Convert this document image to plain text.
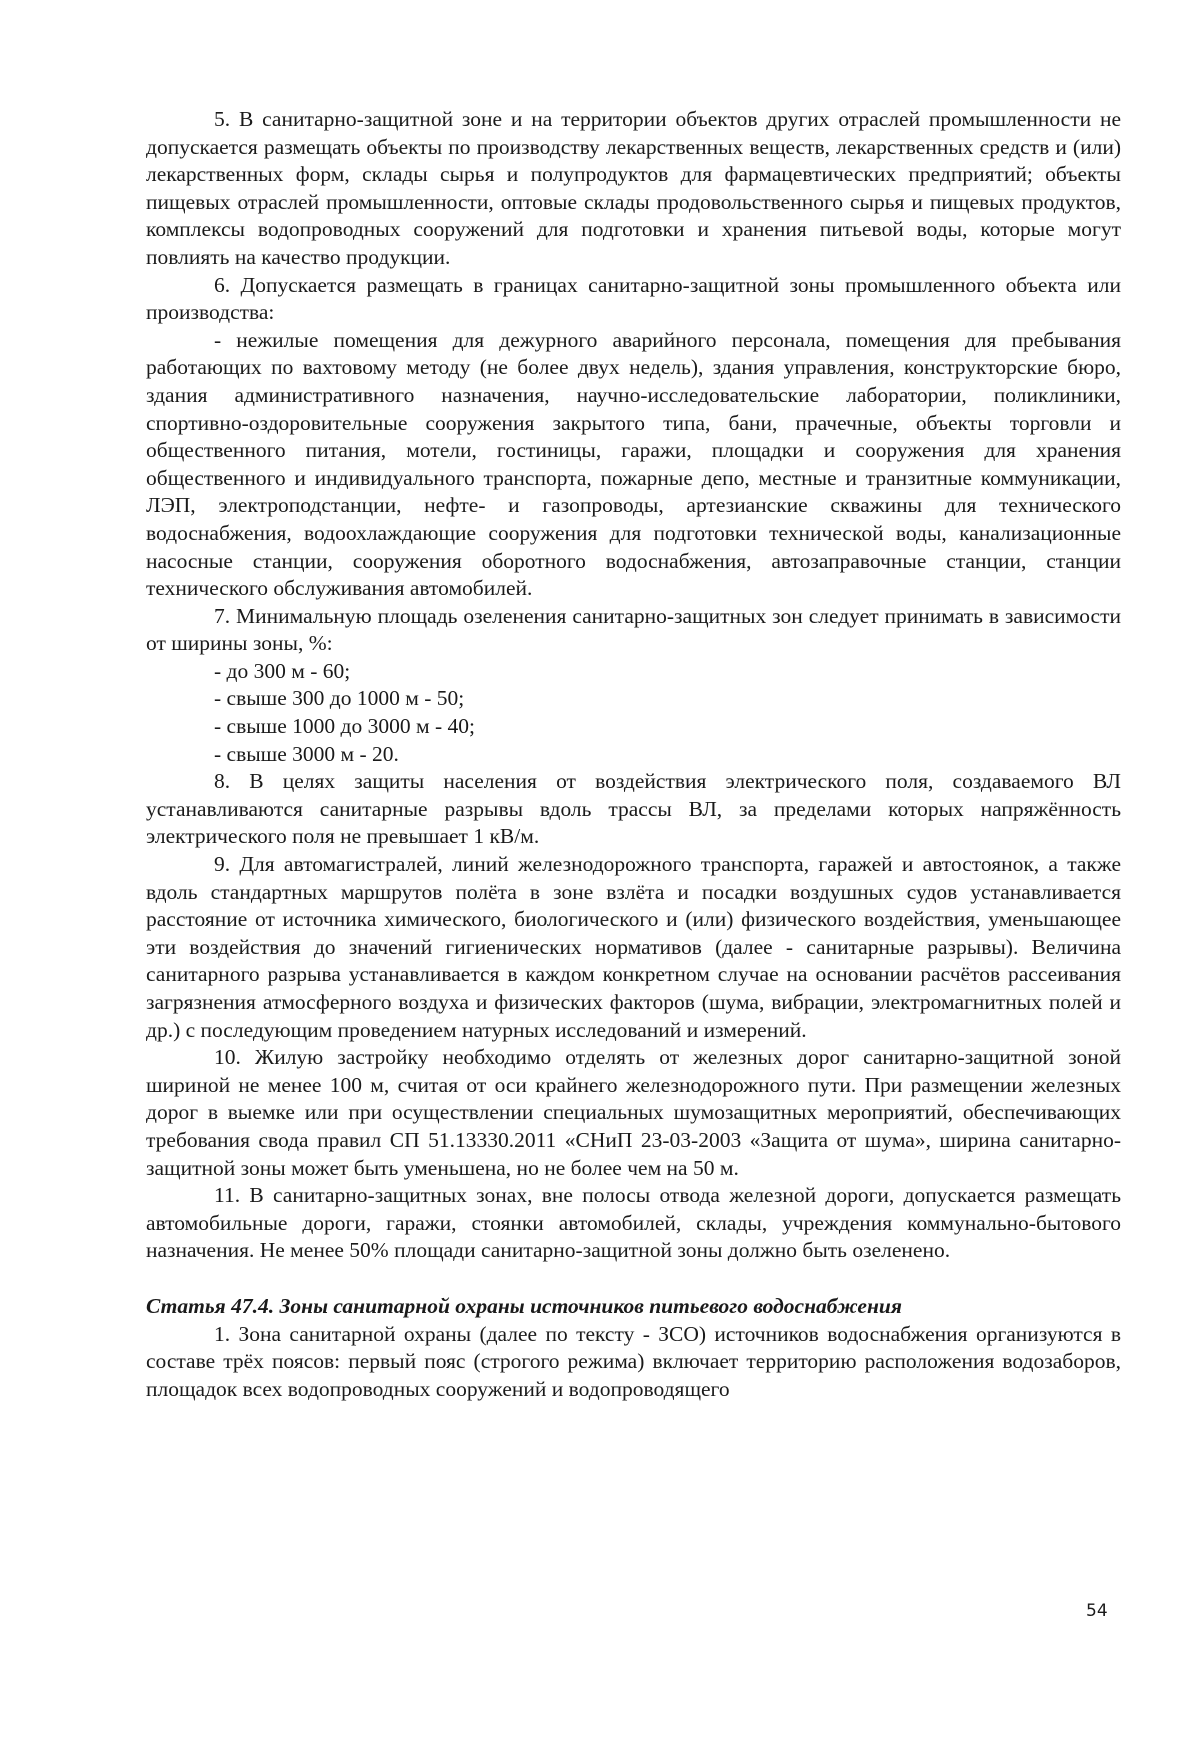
5. В санитарно-защитной зоне и на территории объектов других отраслей промышленности не допускается размещать объекты по производству лекарственных веществ, лекарственных средств и (или) лекарственных форм, склады сырья и полупродуктов для фармацевтических предприятий; объекты пищевых отраслей промышленности, оптовые склады продовольственного сырья и пищевых продуктов, комплексы водопроводных сооружений для подготовки и хранения питьевой воды, которые могут повлиять на качество продукции.

6. Допускается размещать в границах санитарно-защитной зоны промышленного объекта или производства:

- нежилые помещения для дежурного аварийного персонала, помещения для пребывания работающих по вахтовому методу (не более двух недель), здания управления, конструкторские бюро, здания административного назначения, научно-исследовательские лаборатории, поликлиники, спортивно-оздоровительные сооружения закрытого типа, бани, прачечные, объекты торговли и общественного питания, мотели, гостиницы, гаражи, площадки и сооружения для хранения общественного и индивидуального транспорта, пожарные депо, местные и транзитные коммуникации, ЛЭП, электроподстанции, нефте- и газопроводы, артезианские скважины для технического водоснабжения, водоохлаждающие сооружения для подготовки технической воды, канализационные насосные станции, сооружения оборотного водоснабжения, автозаправочные станции, станции технического обслуживания автомобилей.

7. Минимальную площадь озеленения санитарно-защитных зон следует принимать в зависимости от ширины зоны, %:

- до 300 м - 60;

- свыше 300 до 1000 м - 50;

- свыше 1000 до 3000 м - 40;

- свыше 3000 м - 20.

8. В целях защиты населения от воздействия электрического поля, создаваемого ВЛ устанавливаются санитарные разрывы вдоль трассы ВЛ, за пределами которых напряжённость электрического поля не превышает 1 кВ/м.

9. Для автомагистралей, линий железнодорожного транспорта, гаражей и автостоянок, а также вдоль стандартных маршрутов полёта в зоне взлёта и посадки воздушных судов устанавливается расстояние от источника химического, биологического и (или) физического воздействия, уменьшающее эти воздействия до значений гигиенических нормативов (далее - санитарные разрывы). Величина санитарного разрыва устанавливается в каждом конкретном случае на основании расчётов рассеивания загрязнения атмосферного воздуха и физических факторов (шума, вибрации, электромагнитных полей и др.) с последующим проведением натурных исследований и измерений.

10. Жилую застройку необходимо отделять от железных дорог санитарно-защитной зоной шириной не менее 100 м, считая от оси крайнего железнодорожного пути. При размещении железных дорог в выемке или при осуществлении специальных шумозащитных мероприятий, обеспечивающих требования свода правил СП 51.13330.2011 «СНиП 23-03-2003 «Защита от шума», ширина санитарно-защитной зоны может быть уменьшена, но не более чем на 50 м.

11. В санитарно-защитных зонах, вне полосы отвода железной дороги, допускается размещать автомобильные дороги, гаражи, стоянки автомобилей, склады, учреждения коммунально-бытового назначения. Не менее 50% площади санитарно-защитной зоны должно быть озеленено.

Статья 47.4. Зоны санитарной охраны источников питьевого водоснабжения

1. Зона санитарной охраны (далее по тексту - ЗСО) источников водоснабжения организуются в составе трёх поясов: первый пояс (строгого режима) включает территорию расположения водозаборов, площадок всех водопроводных сооружений и водопроводящего

54
